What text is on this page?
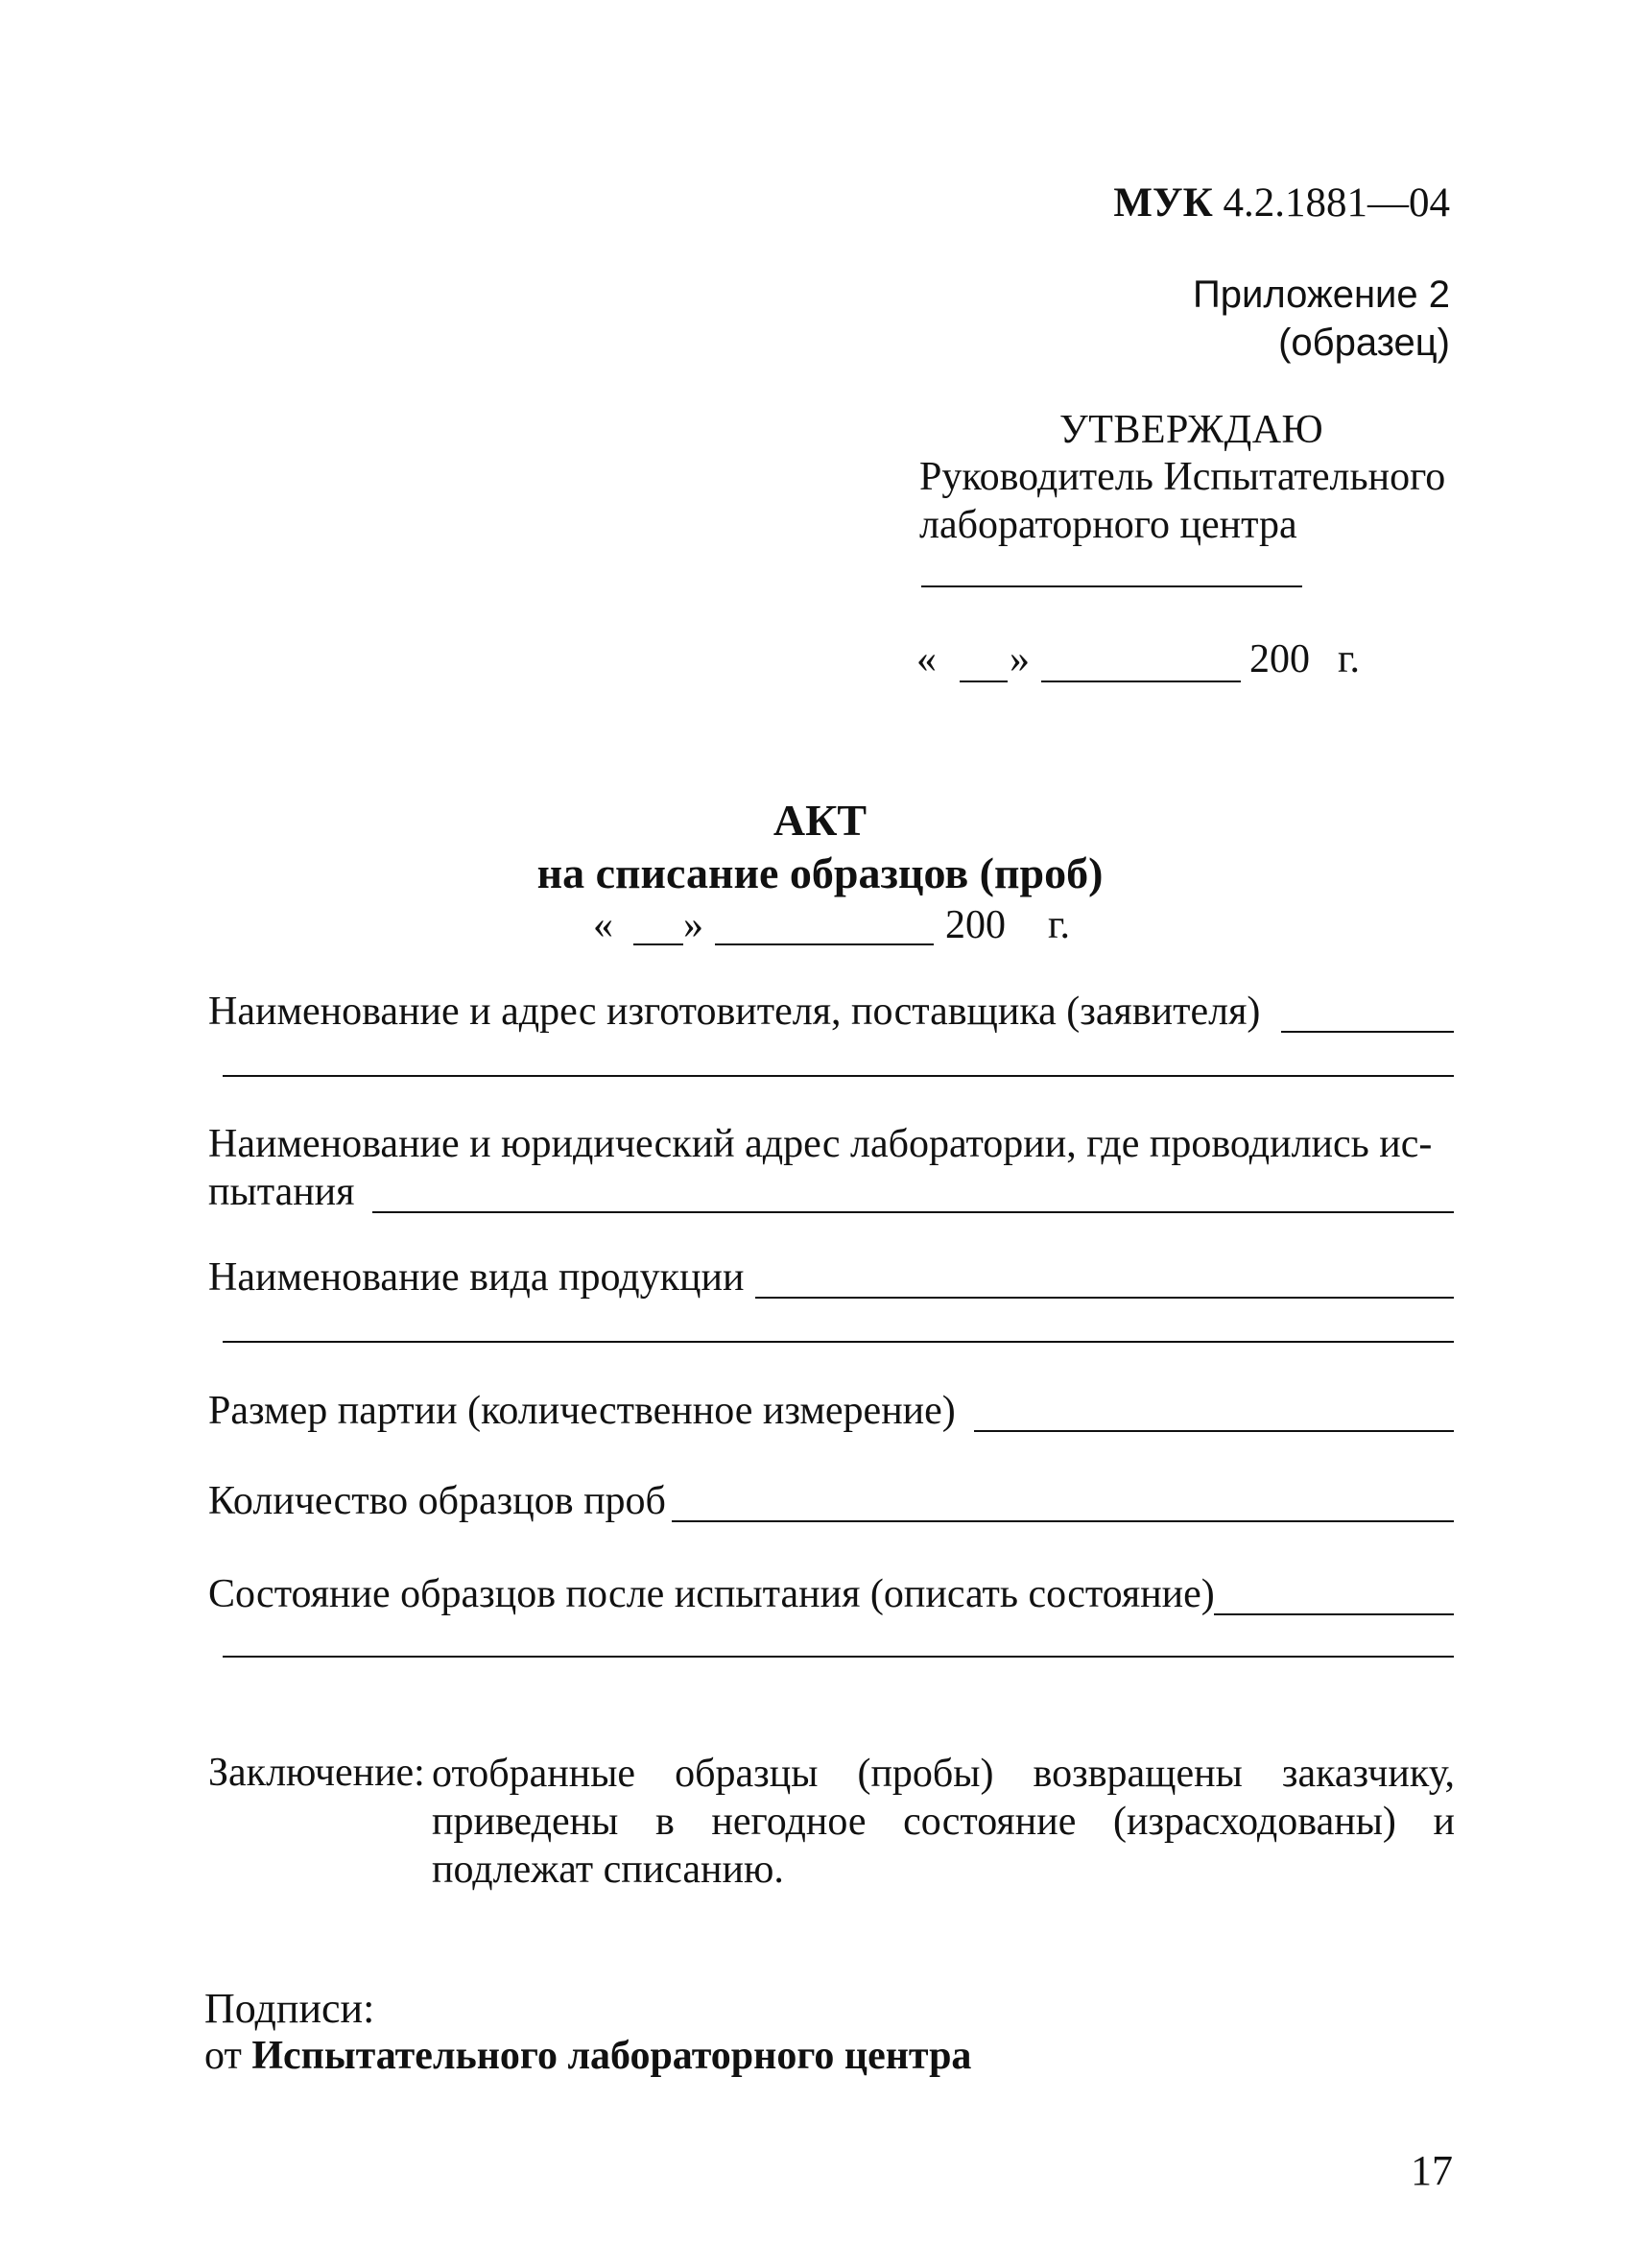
МУК 4.2.1881—04
Приложение 2
(образец)
УТВЕРЖДАЮ
Руководитель Испытательного
лабораторного центра
« »	200 г.
АКТ
на списание образцов (проб)
« »	200 г.
Наименование и адрес изготовителя, поставщика (заявителя)
Наименование и юридический адрес лаборатории, где проводились ис-
пытания
Наименование вида продукции
Размер партии (количественное измерение)
Количество образцов проб
Состояние образцов после испытания (описать состояние)
Заключение: отобранные образцы (пробы) возвращены заказчику, приведены в негодное состояние (израсходованы) и подлежат списанию.
Подписи:
от Испытательного лабораторного центра
17
